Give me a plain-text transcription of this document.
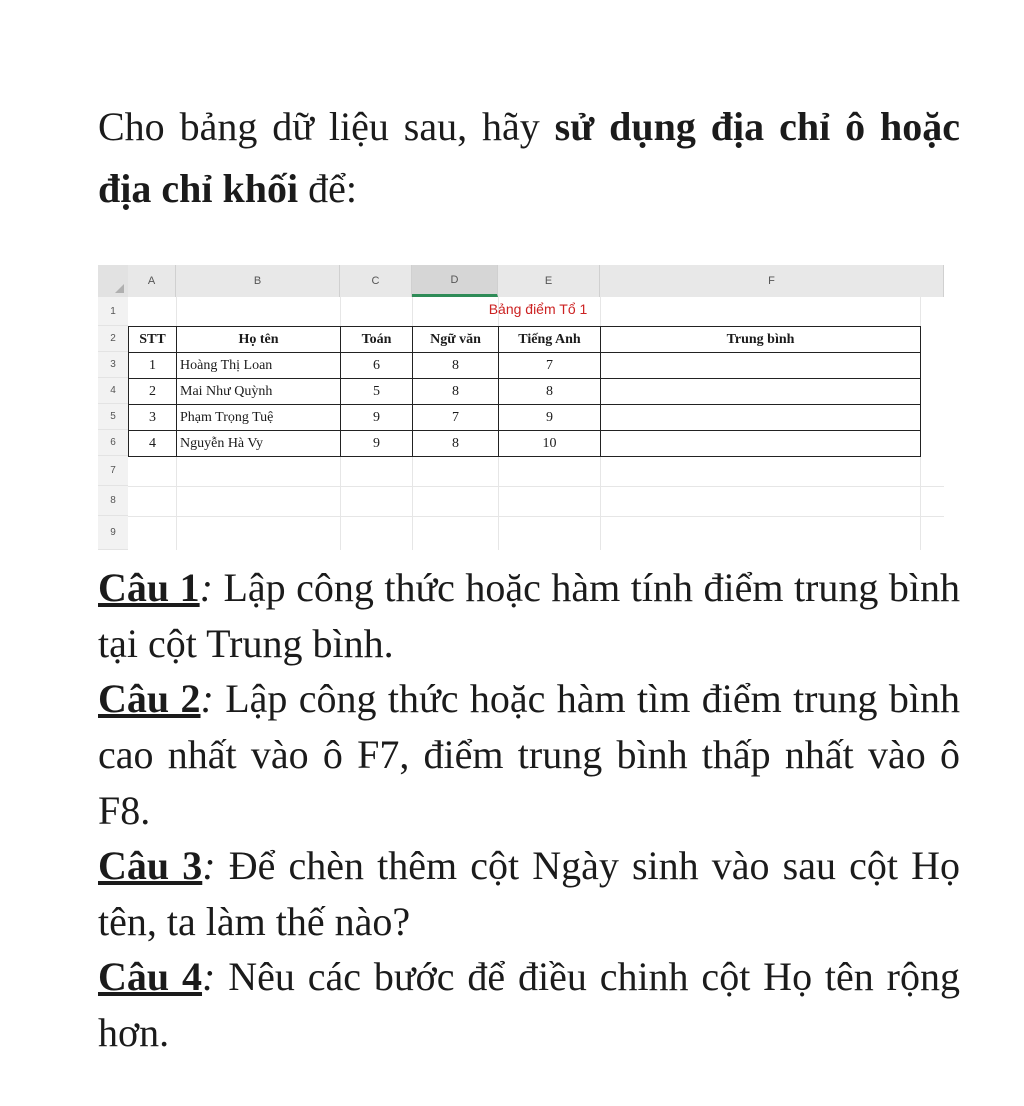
Cho bảng dữ liệu sau, hãy sử dụng địa chỉ ô hoặc địa chỉ khối để:

A	B	C	D	E	F
1
2
3
4
5
6
7
8
9
Bảng điểm Tổ 1
STT	Họ tên	Toán	Ngữ văn	Tiếng Anh	Trung bình
1	Hoàng Thị Loan	6	8	7	
2	Mai Như Quỳnh	5	8	8	
3	Phạm Trọng Tuệ	9	7	9	
4	Nguyễn Hà Vy	9	8	10	

Câu 1: Lập công thức hoặc hàm tính điểm trung bình tại cột Trung bình.

Câu 2: Lập công thức hoặc hàm tìm điểm trung bình cao nhất vào ô F7, điểm trung bình thấp nhất vào ô F8.

Câu 3: Để chèn thêm cột Ngày sinh vào sau cột Họ tên, ta làm thế nào?

Câu 4: Nêu các bước để điều chinh cột Họ tên rộng hơn.
